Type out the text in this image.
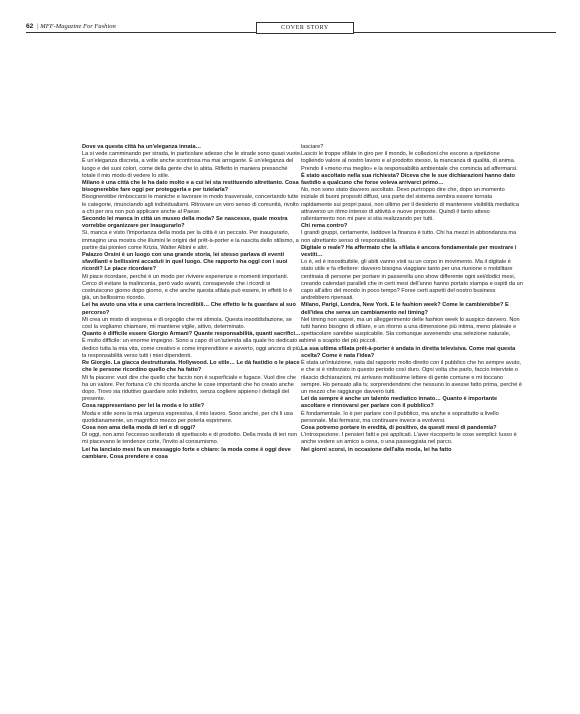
62 | MFF-Magazine For Fashion	COVER STORY
Dove va questa città ha un'eleganza innata…
La si vede camminando per strada, in particolare adesso che le strade sono quasi vuote. È un'eleganza discreta, a volte anche scontrosa ma mai arrogante. È un'eleganza del luogo e dei suoi colori, come della gente che lo abita. Rifletto in maniera pressoché totale il mio modo di vedere lo stile.
Milano è una città che le ha dato molto e a cui lei sta restituendo altrettanto. Cosa bisognerebbe fare oggi per proteggerla e per tutelarla?
Bisognerebbe rimboccarsi le maniche e lavorare in modo trasversale, concertando tutte le categorie, rinunciando agli individualismi. Ritrovare un vero senso di comunità, rivolto a chi per ora non può applicare anche al Paese.
Secondo lei manca in città un museo della moda? Se nascesse, quale mostra vorrebbe organizzare per inaugurarlo?
Sì, manca e visto l'importanza della moda per la città è un peccato. Per inaugurarlo, immagino una mostra che illumini le origini del prêt-à-porter e la nascita dello stilismo, a partire dai pionieri come Krizia, Walter Albini e altri.
Palazzo Orsini è un luogo con una grande storia, lei stesso parlava di eventi sfavillanti e bellissimi accaduti in quel luogo. Che rapporto ha oggi con i suoi ricordi? Le piace ricordare?
Mi piace ricordare, perché è un modo per rivivere esperienze e momenti importanti. Cerco di evitare la malinconia, però vado avanti, consapevole che i ricordi si costruiscono giorno dopo giorno, e che anche questa sfilata può essere, in effetti lo è già, un bellissimo ricordo.
Lei ha avuto una vita e una carriera incredibili… Che effetto le fa guardare al suo percorso?
Mi crea un misto di sorpresa e di orgoglio che mi stimola. Questa insoddisfazione, se così la vogliamo chiamare, mi mantiene vigile, attivo, determinato.
Quanto è difficile essere Giorgio Armani? Quante responsabilità, quanti sacrifici…
È molto difficile: un enorme impegno. Sono a capo di un'azienda alla quale ho dedicato e dedico tutta la mia vita, come creativo e come imprenditore e avverto, oggi ancora di più, la responsabilità verso tutti i miei dipendenti.
Re Giorgio. La giacca destrutturata. Hollywood. Lo stile… Le dà fastidio o le piace che le persone ricordino quello che ha fatto?
Mi fa piacere: vuol dire che quello che faccio non è superficiale e fugace. Vuol dire che ha un valore. Per fortuna c'è chi ricorda anche le cose importanti che ho creato anche dopo. Trovo sia riduttivo guardare solo indietro, senza cogliere appieno i dettagli del presente.
Cosa rappresentano per lei la moda e lo stile?
Moda e stile sono la mia urgenza espressiva, il mio lavoro. Sono anche, per chi li usa quotidianamente, un magnifico mezzo per poterla esprimere.
Cosa non ama della moda di ieri e di oggi?
Di oggi, non amo l'eccesso scellerato di spettacolo e di prodotto. Della moda di ieri non mi piacevano le tendenze corte, l'invito al consumismo.
Lei ha lanciato mesi fa un messaggio forte e chiaro: la moda come è oggi deve cambiare. Cosa prendere e cosa
lasciare?
Lascio le troppe sfilate in giro per il mondo, le collezioni che escono a ripetizione togliendo valore al nostro lavoro e al prodotto stesso, la mancanza di qualità, di anima. Prendo il «meno ma meglio» e la responsabilità ambientale che comincia ad affermarsi.
È stato ascoltato nella sua richiesta? Diceva che le sue dichiarazioni hanno dato fastidio a qualcuno che forse voleva arrivarci primo…
No, non sono stato davvero ascoltato. Devo purtroppo dire che, dopo un momento iniziale di buoni propositi diffusi, una parte del sistema sembra essere tornata rapidamente sui propri passi, non ultimo per il desiderio di mantenere visibilità mediatica attraverso un ritmo intenso di attività e nuove proposte. Quindi il tanto atteso rallentamento non mi pare si stia realizzando per tutti.
Chi rema contro?
I grandi gruppi, certamente, laddove la finanza è tutto. Chi ha mezzi in abbondanza ma non altrettanto senso di responsabilità.
Digitale o reale? Ha affermato che la sfilata è ancora fondamentale per mostrare i vestiti…
Lo è, ed è insostituibile, gli abiti vanno visti su un corpo in movimento. Ma il digitale è stato utile e fa riflettere: davvero bisogna viaggiare tanto per una riunione o mobilitare centinaia di persone per portare in passerella uno show differente ogni sei/dodici mesi, creando calendari paralleli che in certi mesi dell'anno hanno portato stampa e ospiti da un capo all'altro del mondo in poco tempo? Forse certi aspetti del nostro business andrebbero ripensati.
Milano, Parigi, Londra, New York. E le fashion week? Come le cambierebbe? E dell'idea che serva un cambiamento nel timing?
Nel timing non saprei, ma un alleggerimento delle fashion week lo auspico davvero. Non tutti hanno bisogno di sfilare, e un ritorno a una dimensione più intima, meno plateale e spettacolare sarebbe auspicabile. Sta comunque avvenendo una selezione naturale, ahimè a scapito dei più piccoli.
La sua ultima sfilata prêt-à-porter è andata in diretta televisiva. Come mai questa scelta? Come è nata l'idea?
È stata un'intuizione, nata dal rapporto molto diretto con il pubblico che ho sempre avuto, e che si è rinforzato in questo periodo così duro. Ogni volta che parlo, faccio interviste o rilascio dichiarazioni, mi arrivano moltissime lettere di gente comune e mi toccano sempre. Ho pensato alla tv, sorprendendomi che nessuno lo avesse fatto prima, perché è un mezzo che raggiunge davvero tutti.
Lei da sempre è anche un talento mediatico innato… Quanto è importante ascoltare e rinnovarsi per parlare con il pubblico?
È fondamentale. Io è per parlare con il pubblico, ma anche e soprattutto a livello personale. Mai fermarsi, ma continuare invece a evolversi.
Cosa potremo portare in eredità, di positivo, da questi mesi di pandemia?
L'introspezione. I pensieri fatti e poi applicati. L'aver riscoperto le cose semplici: lusso è anche vedere un amico a cena, o una passeggiata nel parco.
Nei giorni scorsi, in occasione dell'alta moda, lei ha fatto
